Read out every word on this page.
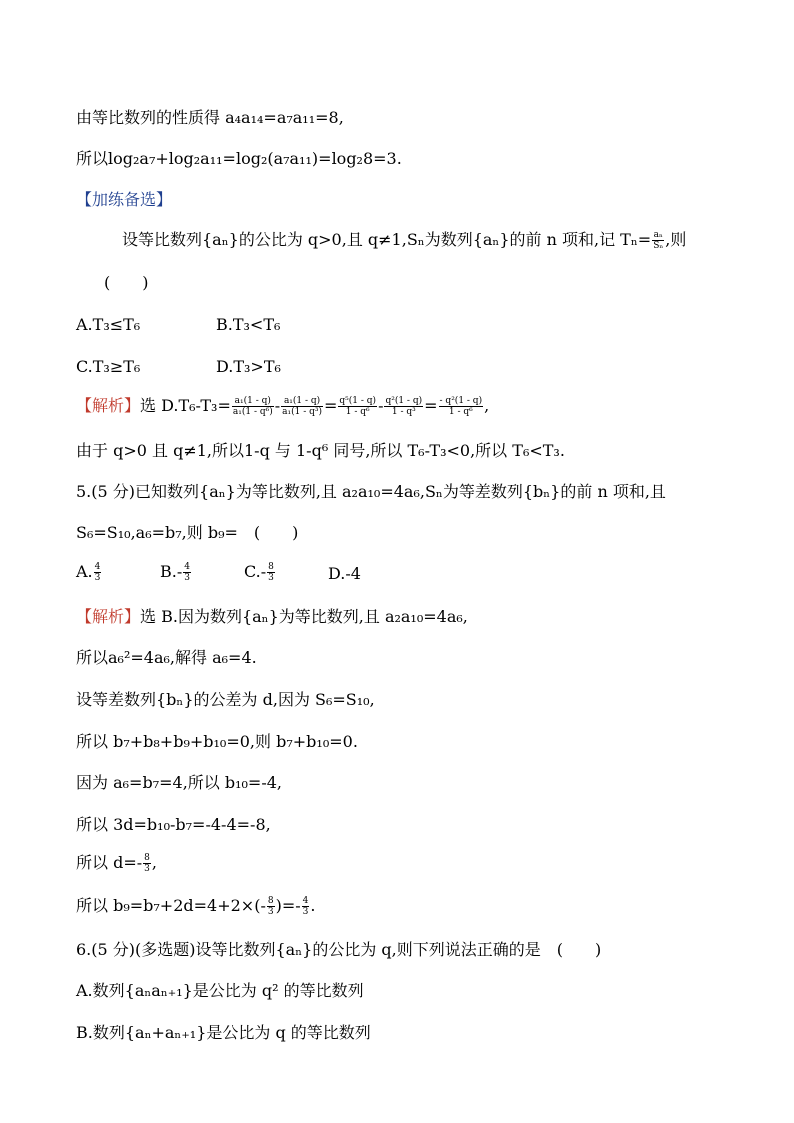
由等比数列的性质得 a₄a₁₄=a₇a₁₁=8,
所以log₂a₇+log₂a₁₁=log₂(a₇a₁₁)=log₂8=3.
【加练备选】
设等比数列{aₙ}的公比为 q>0,且 q≠1,Sₙ为数列{aₙ}的前 n 项和,记 $T_n= \frac{\text{aₙ}}{\text{Sₙ}}$ ,则
(　　)
A.T₃≤T₆	B.T₃<T₆
C.T₃≥T₆	D.T₃>T₆
【解析】选 $D.T_6-T_3= \frac{\text{a₁(1 - q)}}{\text{a₁(1 - q⁶)}} - \frac{\text{a₁(1 - q)}}{\text{a₁(1 - q³)}} = \frac{\text{q⁵(1 - q)}}{\text{1 - q⁶}} - \frac{\text{q²(1 - q)}}{\text{1 - q³}} = \frac{\text{- q²(1 - q)}}{\text{1 - q⁶}}$ ,
由于 q>0 且 q≠1,所以1-q 与 1-q⁶ 同号,所以 T₆-T₃<0,所以 T₆<T₃.
5.(5 分)已知数列{aₙ}为等比数列,且 a₂a₁₀=4a₆,Sₙ为等差数列{bₙ}的前 n 项和,且
S₆=S₁₀,a₆=b₇,则 b₉=　(　　)
A. $\frac{4}{3}$	$B.- \frac{4}{3}$	$C.- \frac{8}{3}$	D.-4
【解析】选 B.因为数列{aₙ}为等比数列,且 a₂a₁₀=4a₆,
所以a₆²=4a₆,解得 a₆=4.
设等差数列{bₙ}的公差为 d,因为 S₆=S₁₀,
所以 b₇+b₈+b₉+b₁₀=0,则 b₇+b₁₀=0.
因为 a₆=b₇=4,所以 b₁₀=-4,
所以 3d=b₁₀-b₇=-4-4=-8,
所以 $d=- \frac{8}{3}$ ,
所以 $b_9=b_7+2d=4+2\times(- \frac{8}{3}$ )=- $\frac{4}{3}$ .
6.(5 分)(多选题)设等比数列{aₙ}的公比为 q,则下列说法正确的是　(　　)
A.数列{aₙaₙ₊₁}是公比为 q² 的等比数列
B.数列{aₙ+aₙ₊₁}是公比为 q 的等比数列
